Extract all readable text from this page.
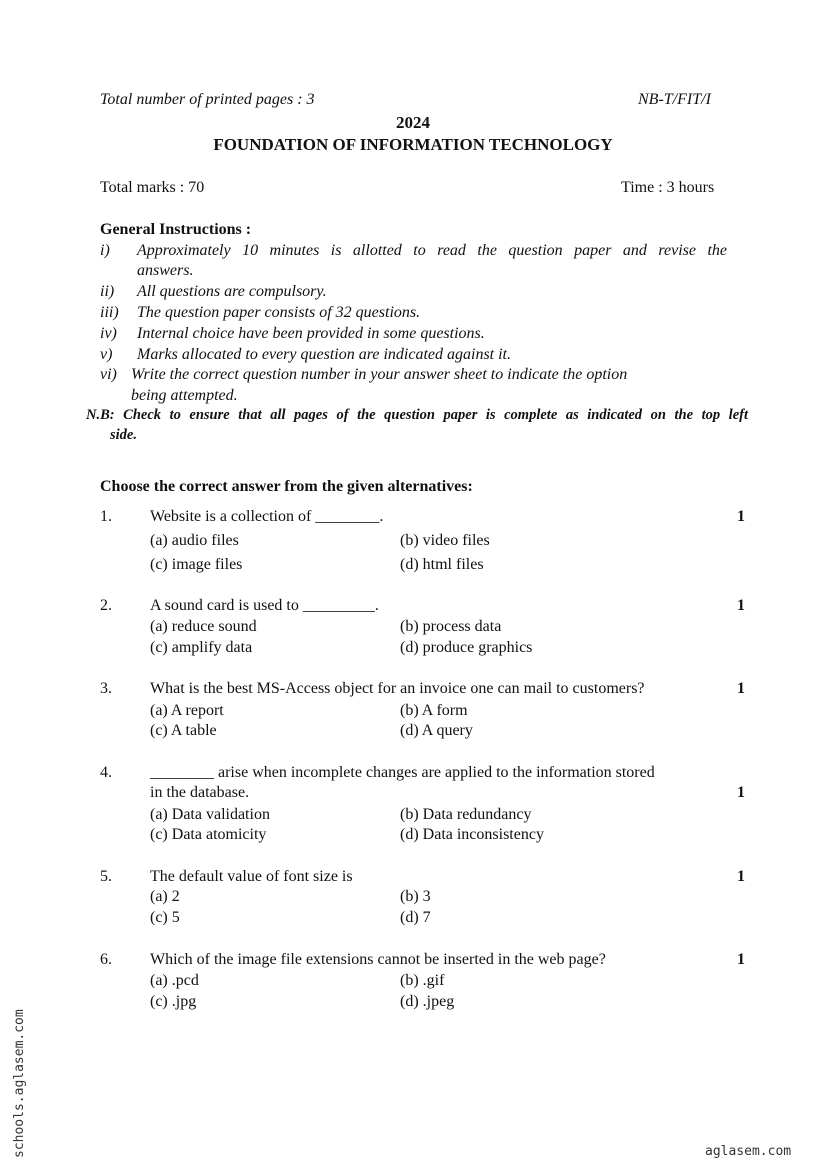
Total number of printed pages : 3	NB-T/FIT/I
2024
FOUNDATION OF INFORMATION TECHNOLOGY
Total marks : 70	Time : 3 hours
General Instructions :
i) Approximately 10 minutes is allotted to read the question paper and revise the
answers.
ii) All questions are compulsory.
iii) The question paper consists of 32 questions.
iv) Internal choice have been provided in some questions.
v) Marks allocated to every question are indicated against it.
vi) Write the correct question number in your answer sheet to indicate the option
being attempted.
N.B: Check to ensure that all pages of the question paper is complete as indicated on the top left
side.
Choose the correct answer from the given alternatives:
1. Website is a collection of ________.	1
(a) audio files	(b) video files
(c) image files	(d) html files
2. A sound card is used to _________.	1
(a) reduce sound	(b) process data
(c) amplify data	(d) produce graphics
3. What is the best MS-Access object for an invoice one can mail to customers?	1
(a) A report	(b) A form
(c) A table	(d) A query
4. ________ arise when incomplete changes are applied to the information stored
in the database.	1
(a) Data validation	(b) Data redundancy
(c) Data atomicity	(d) Data inconsistency
5. The default value of font size is	1
(a) 2	(b) 3
(c) 5	(d) 7
6. Which of the image file extensions cannot be inserted in the web page?	1
(a) .pcd	(b) .gif
(c) .jpg	(d) .jpeg
schools.aglasem.com	aglasem.com
